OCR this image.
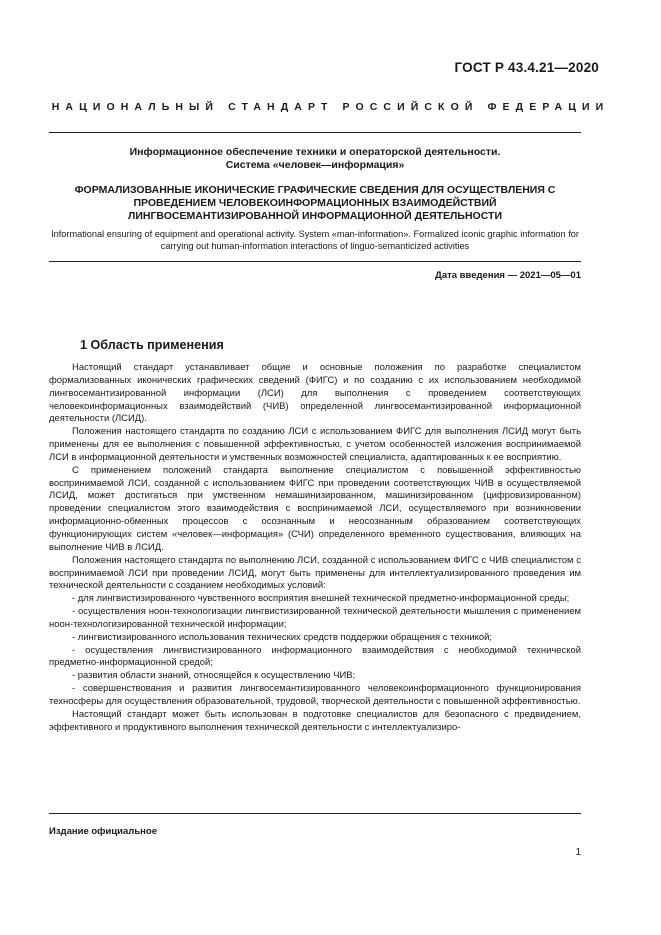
ГОСТ Р 43.4.21—2020
НАЦИОНАЛЬНЫЙ СТАНДАРТ РОССИЙСКОЙ ФЕДЕРАЦИИ
Информационное обеспечение техники и операторской деятельности.
Система «человек—информация»
ФОРМАЛИЗОВАННЫЕ ИКОНИЧЕСКИЕ ГРАФИЧЕСКИЕ СВЕДЕНИЯ ДЛЯ ОСУЩЕСТВЛЕНИЯ С ПРОВЕДЕНИЕМ ЧЕЛОВЕКОИНФОРМАЦИОННЫХ ВЗАИМОДЕЙСТВИЙ ЛИНГВОСЕМАНТИЗИРОВАННОЙ ИНФОРМАЦИОННОЙ ДЕЯТЕЛЬНОСТИ
Informational ensuring of equipment and operational activity. System «man-information». Formalized iconic graphic information for carrying out human-information interactions of linguo-semanticized activities
Дата введения — 2021—05—01
1 Область применения

Настоящий стандарт устанавливает общие и основные положения по разработке специалистом формализованных иконических графических сведений (ФИГС) и по созданию с их использованием необходимой лингвосемантизированной информации (ЛСИ) для выполнения с проведением соответствующих человекоинформационных взаимодействий (ЧИВ) определенной лингвосемантизированной информационной деятельности (ЛСИД).

Положения настоящего стандарта по созданию ЛСИ с использованием ФИГС для выполнения ЛСИД могут быть применены для ее выполнения с повышенной эффективностью, с учетом особенностей изложения воспринимаемой ЛСИ в информационной деятельности и умственных возможностей специалиста, адаптированных к ее восприятию.

С применением положений стандарта выполнение специалистом с повышенной эффективностью воспринимаемой ЛСИ, созданной с использованием ФИГС при проведении соответствующих ЧИВ в осуществляемой ЛСИД, может достигаться при умственном немашинизированном, машинизированном (цифровизированном) проведении специалистом этого взаимодействия с воспринимаемой ЛСИ, осуществляемого при возникновении информационно-обменных процессов с осознанным и неосознанным образованием соответствующих функционирующих систем «человек—информация» (СЧИ) определенного временного существования, влияющих на выполнение ЧИВ в ЛСИД.

Положения настоящего стандарта по выполнению ЛСИ, созданной с использованием ФИГС с ЧИВ специалистом с воспринимаемой ЛСИ при проведении ЛСИД, могут быть применены для интеллектуализированного проведения им технической деятельности с созданием необходимых условий:

- для лингвистизированного чувственного восприятия внешней технической предметно-информационной среды;

- осуществления ноон-технологизации лингвистизированной технической деятельности мышления с применением ноон-технологизированной технической информации;

- лингвистизированного использования технических средств поддержки обращения с техникой;

- осуществления лингвистизированного информационного взаимодействия с необходимой технической предметно-информационной средой;

- развития области знаний, относящейся к осуществлению ЧИВ;

- совершенствования и развития лингвосемантизированного человекоинформационного функционирования техносферы для осуществления образовательной, трудовой, творческой деятельности с повышенной эффективностью.

Настоящий стандарт может быть использован в подготовке специалистов для безопасного с предвидением, эффективного и продуктивного выполнения технической деятельности с интеллектуализиро-

Издание официальное
1
